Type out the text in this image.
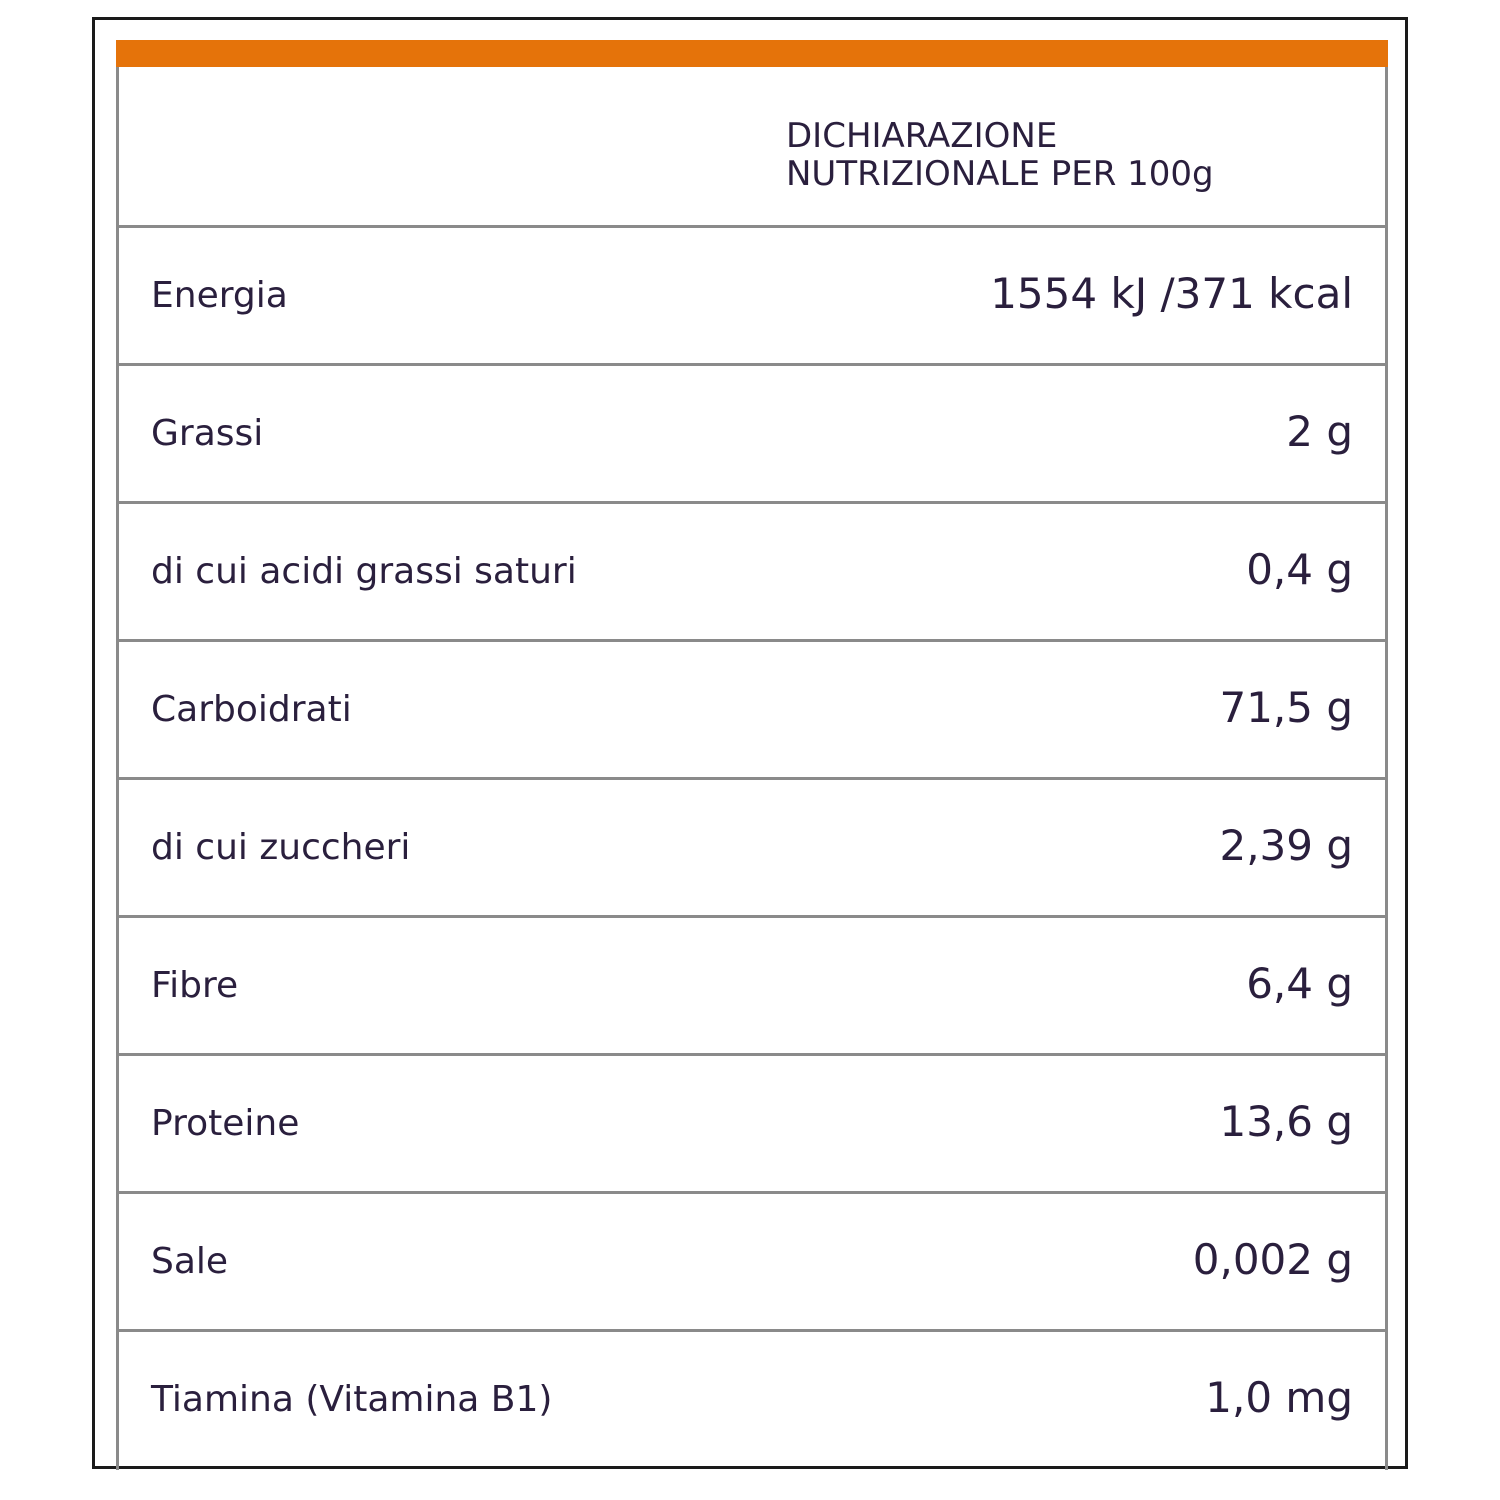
DICHIARAZIONE
NUTRIZIONALE PER 100g
Energia	1554 kJ /371 kcal
Grassi	2 g
di cui acidi grassi saturi	0,4 g
Carboidrati	71,5 g
di cui zuccheri	2,39 g
Fibre	6,4 g
Proteine	13,6 g
Sale	0,002 g
Tiamina (Vitamina B1)	1,0 mg
